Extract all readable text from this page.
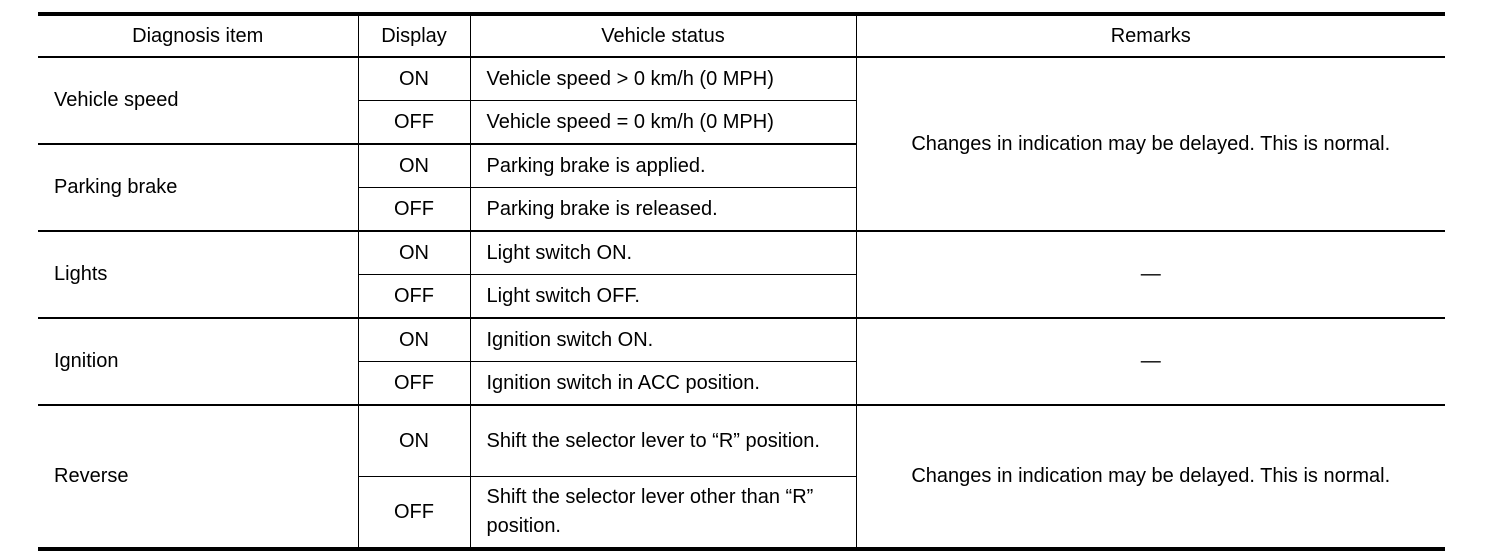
Diagnosis item	Display	Vehicle status	Remarks
Vehicle speed	ON	Vehicle speed > 0 km/h (0 MPH)	Changes in indication may be delayed. This is normal.
	OFF	Vehicle speed = 0 km/h (0 MPH)	
Parking brake	ON	Parking brake is applied.	
	OFF	Parking brake is released.	
Lights	ON	Light switch ON.	—
	OFF	Light switch OFF.	
Ignition	ON	Ignition switch ON.	—
	OFF	Ignition switch in ACC position.	
Reverse	ON	Shift the selector lever to “R” position.	Changes in indication may be delayed. This is normal.
	OFF	Shift the selector lever other than “R” position.	
